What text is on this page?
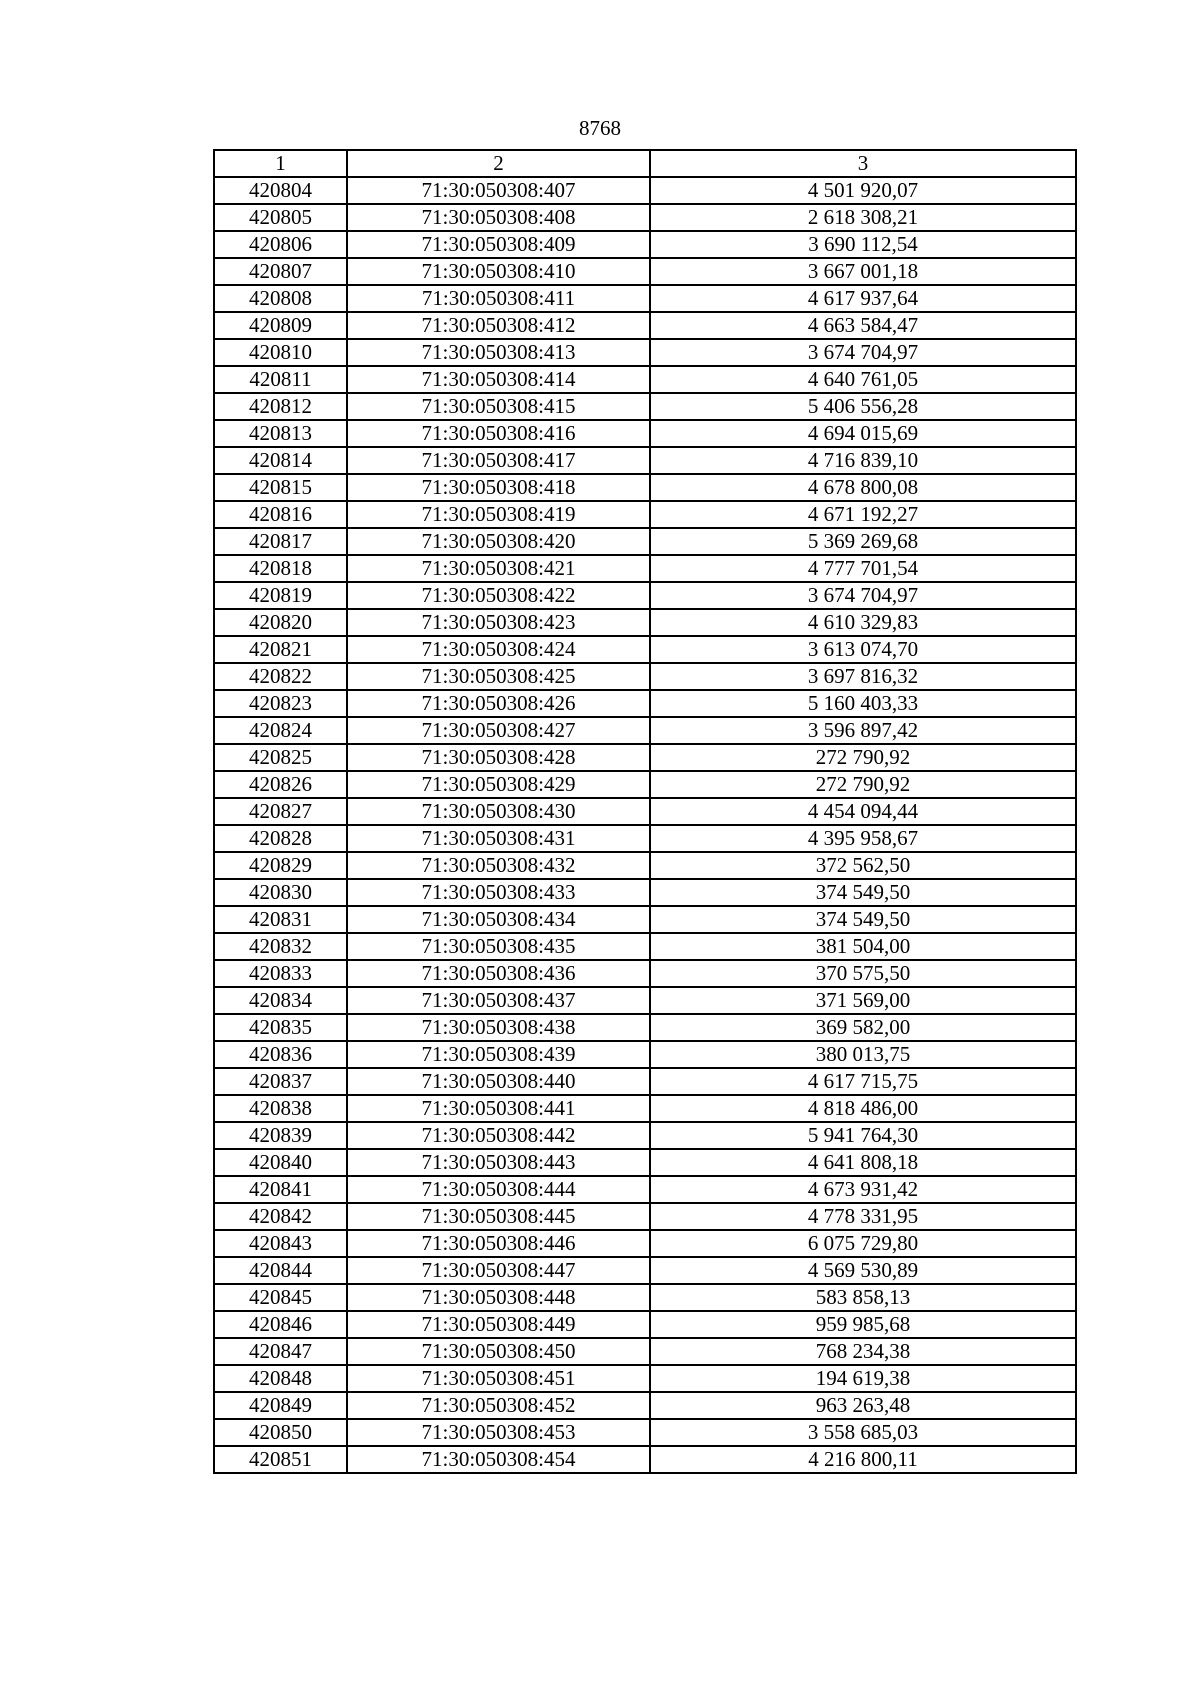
8768
1	2	3
420804	71:30:050308:407	4 501 920,07
420805	71:30:050308:408	2 618 308,21
420806	71:30:050308:409	3 690 112,54
420807	71:30:050308:410	3 667 001,18
420808	71:30:050308:411	4 617 937,64
420809	71:30:050308:412	4 663 584,47
420810	71:30:050308:413	3 674 704,97
420811	71:30:050308:414	4 640 761,05
420812	71:30:050308:415	5 406 556,28
420813	71:30:050308:416	4 694 015,69
420814	71:30:050308:417	4 716 839,10
420815	71:30:050308:418	4 678 800,08
420816	71:30:050308:419	4 671 192,27
420817	71:30:050308:420	5 369 269,68
420818	71:30:050308:421	4 777 701,54
420819	71:30:050308:422	3 674 704,97
420820	71:30:050308:423	4 610 329,83
420821	71:30:050308:424	3 613 074,70
420822	71:30:050308:425	3 697 816,32
420823	71:30:050308:426	5 160 403,33
420824	71:30:050308:427	3 596 897,42
420825	71:30:050308:428	272 790,92
420826	71:30:050308:429	272 790,92
420827	71:30:050308:430	4 454 094,44
420828	71:30:050308:431	4 395 958,67
420829	71:30:050308:432	372 562,50
420830	71:30:050308:433	374 549,50
420831	71:30:050308:434	374 549,50
420832	71:30:050308:435	381 504,00
420833	71:30:050308:436	370 575,50
420834	71:30:050308:437	371 569,00
420835	71:30:050308:438	369 582,00
420836	71:30:050308:439	380 013,75
420837	71:30:050308:440	4 617 715,75
420838	71:30:050308:441	4 818 486,00
420839	71:30:050308:442	5 941 764,30
420840	71:30:050308:443	4 641 808,18
420841	71:30:050308:444	4 673 931,42
420842	71:30:050308:445	4 778 331,95
420843	71:30:050308:446	6 075 729,80
420844	71:30:050308:447	4 569 530,89
420845	71:30:050308:448	583 858,13
420846	71:30:050308:449	959 985,68
420847	71:30:050308:450	768 234,38
420848	71:30:050308:451	194 619,38
420849	71:30:050308:452	963 263,48
420850	71:30:050308:453	3 558 685,03
420851	71:30:050308:454	4 216 800,11
